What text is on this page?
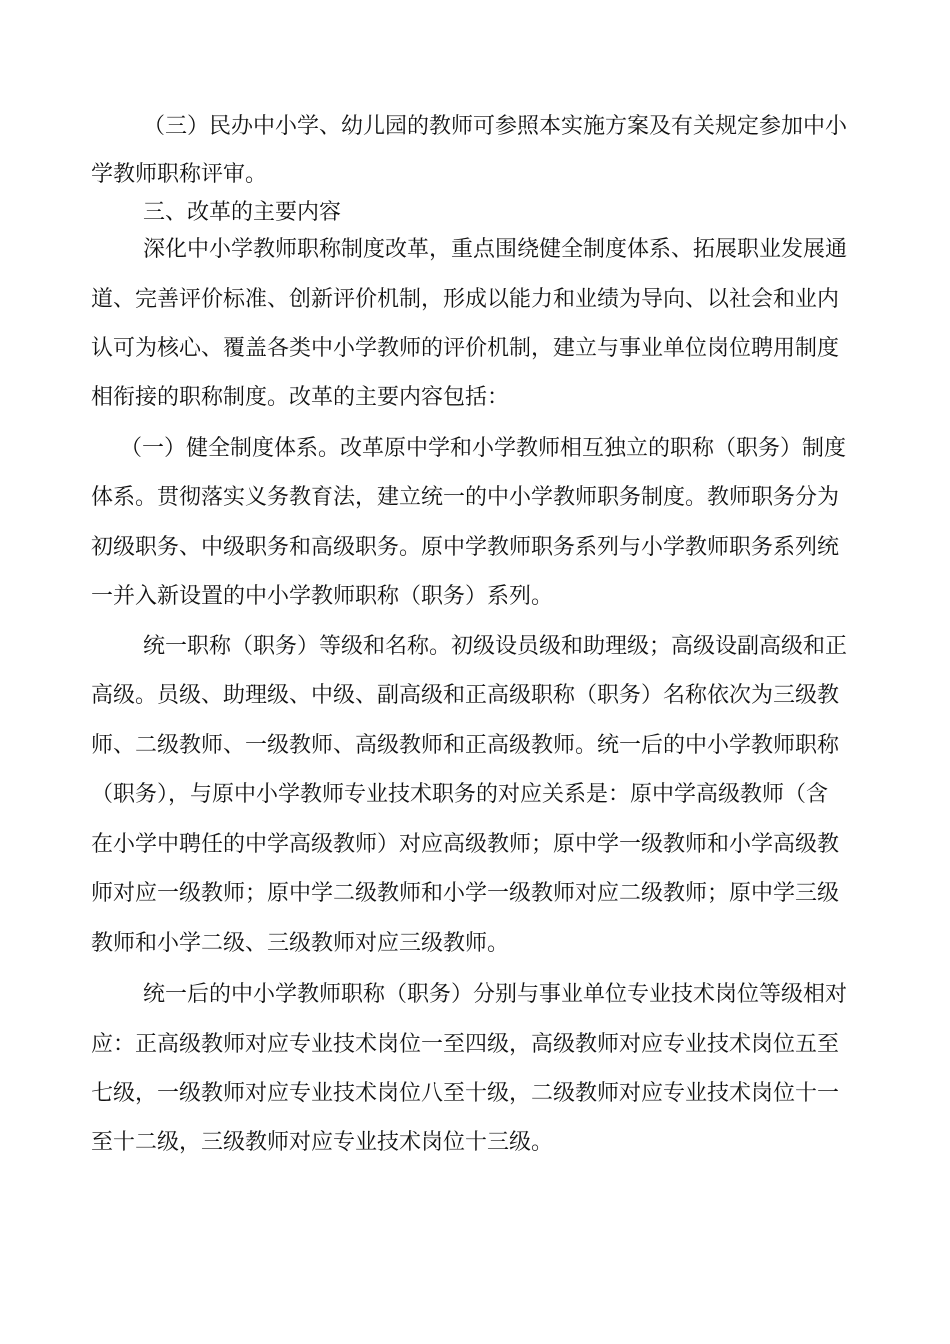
（三）民办中小学、幼儿园的教师可参照本实施方案及有关规定参加中小
学教师职称评审。
三、改革的主要内容
深化中小学教师职称制度改革，重点围绕健全制度体系、拓展职业发展通
道、完善评价标准、创新评价机制，形成以能力和业绩为导向、以社会和业内
认可为核心、覆盖各类中小学教师的评价机制，建立与事业单位岗位聘用制度
相衔接的职称制度。改革的主要内容包括：
（一）健全制度体系。改革原中学和小学教师相互独立的职称（职务）制度
体系。贯彻落实义务教育法，建立统一的中小学教师职务制度。教师职务分为
初级职务、中级职务和高级职务。原中学教师职务系列与小学教师职务系列统
一并入新设置的中小学教师职称（职务）系列。
统一职称（职务）等级和名称。初级设员级和助理级；高级设副高级和正
高级。员级、助理级、中级、副高级和正高级职称（职务）名称依次为三级教
师、二级教师、一级教师、高级教师和正高级教师。统一后的中小学教师职称
（职务），与原中小学教师专业技术职务的对应关系是：原中学高级教师（含
在小学中聘任的中学高级教师）对应高级教师；原中学一级教师和小学高级教
师对应一级教师；原中学二级教师和小学一级教师对应二级教师；原中学三级
教师和小学二级、三级教师对应三级教师。
统一后的中小学教师职称（职务）分别与事业单位专业技术岗位等级相对
应：正高级教师对应专业技术岗位一至四级，高级教师对应专业技术岗位五至
七级，一级教师对应专业技术岗位八至十级，二级教师对应专业技术岗位十一
至十二级，三级教师对应专业技术岗位十三级。
